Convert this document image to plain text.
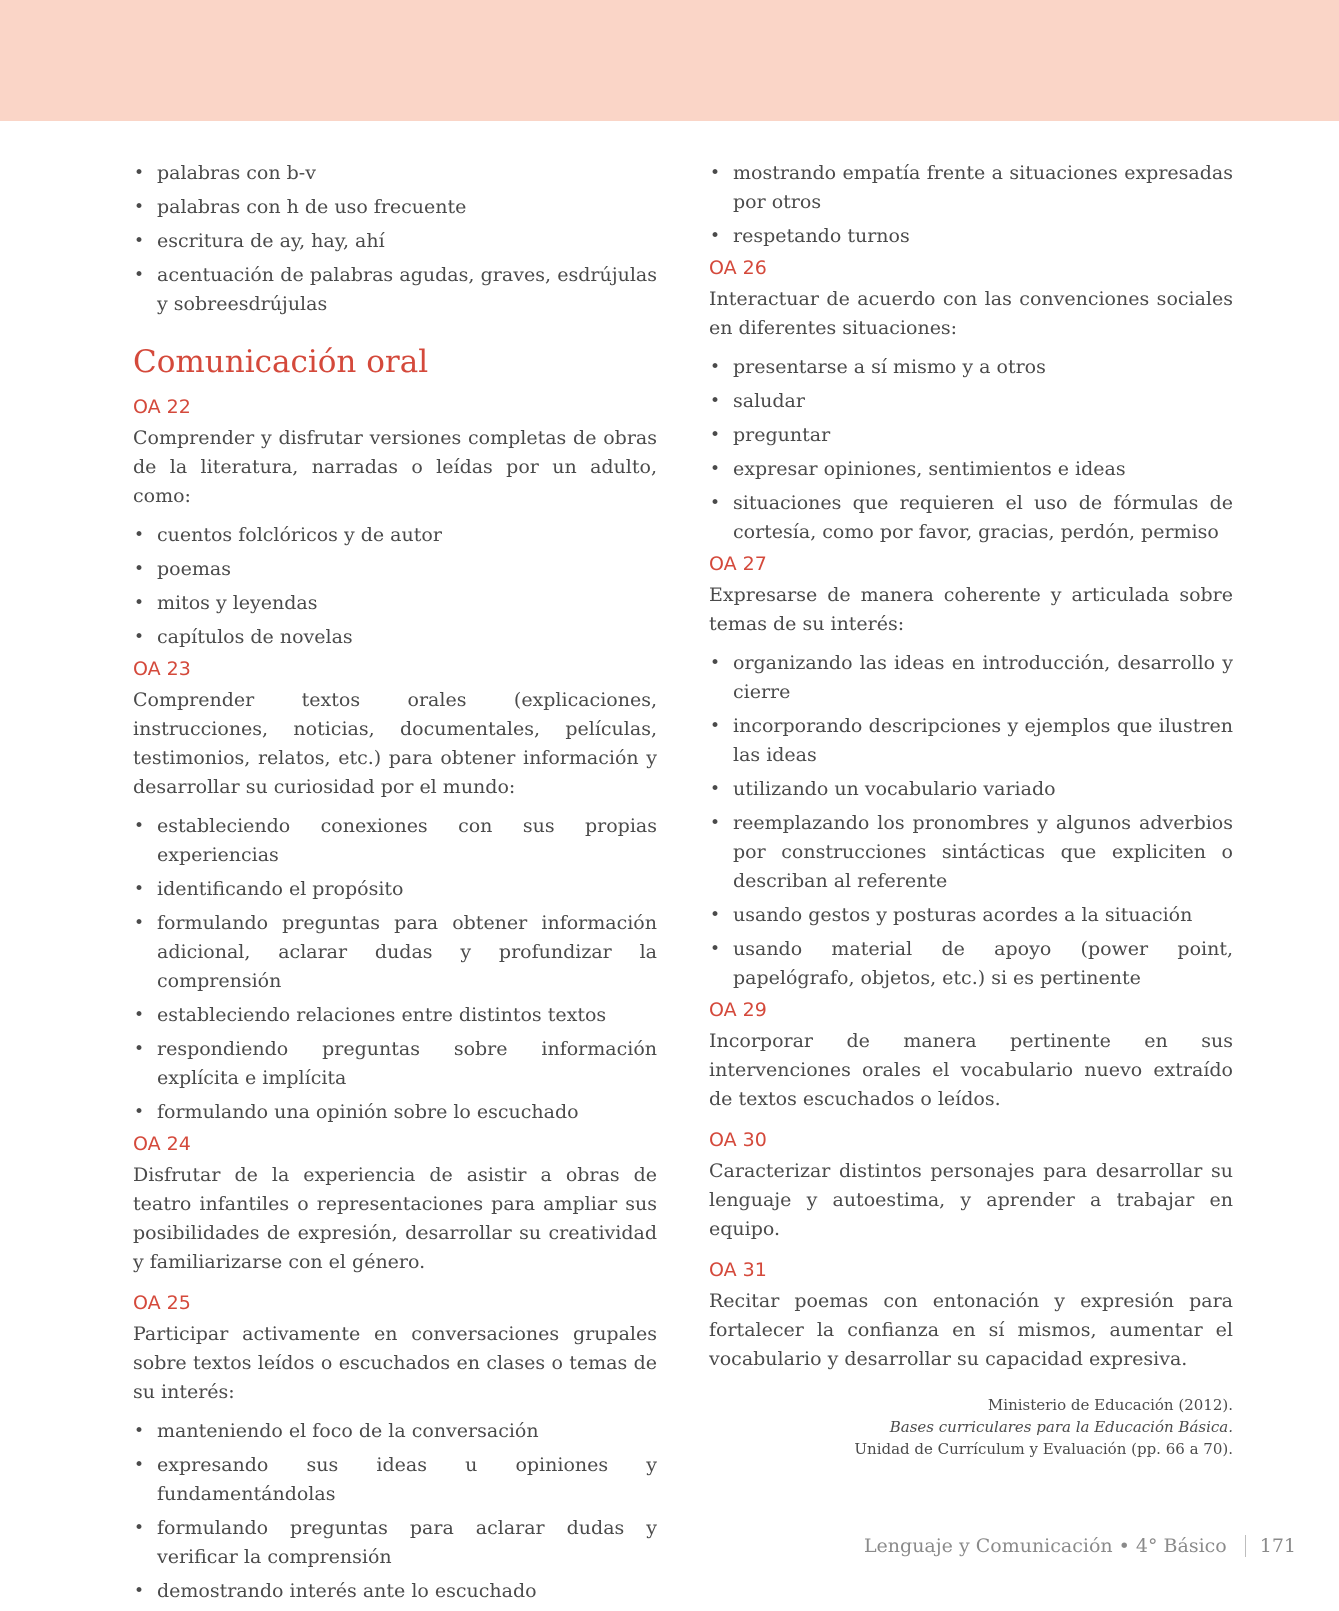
• palabras con b-v
• palabras con h de uso frecuente
• escritura de ay, hay, ahí
• acentuación de palabras agudas, graves, esdrújulas y sobreesdrújulas
Comunicación oral
OA 22

Comprender y disfrutar versiones completas de obras de la literatura, narradas o leídas por un adulto, como:

• cuentos folclóricos y de autor
• poemas
• mitos y leyendas
• capítulos de novelas
OA 23

Comprender textos orales (explicaciones, instrucciones, noticias, documentales, películas, testimonios, relatos, etc.) para obtener información y desarrollar su curiosidad por el mundo:

• estableciendo conexiones con sus propias experiencias
• identificando el propósito
• formulando preguntas para obtener información adicional, aclarar dudas y profundizar la comprensión
• estableciendo relaciones entre distintos textos
• respondiendo preguntas sobre información explícita e implícita
• formulando una opinión sobre lo escuchado
OA 24

Disfrutar de la experiencia de asistir a obras de teatro infantiles o representaciones para ampliar sus posibilidades de expresión, desarrollar su creatividad y familiarizarse con el género.

OA 25

Participar activamente en conversaciones grupales sobre textos leídos o escuchados en clases o temas de su interés:

• manteniendo el foco de la conversación
• expresando sus ideas u opiniones y fundamentándolas
• formulando preguntas para aclarar dudas y verificar la comprensión
• demostrando interés ante lo escuchado
• mostrando empatía frente a situaciones expresadas por otros
• respetando turnos
OA 26

Interactuar de acuerdo con las convenciones sociales en diferentes situaciones:

• presentarse a sí mismo y a otros
• saludar
• preguntar
• expresar opiniones, sentimientos e ideas
• situaciones que requieren el uso de fórmulas de cortesía, como por favor, gracias, perdón, permiso
OA 27

Expresarse de manera coherente y articulada sobre temas de su interés:

• organizando las ideas en introducción, desarrollo y cierre
• incorporando descripciones y ejemplos que ilustren las ideas
• utilizando un vocabulario variado
• reemplazando los pronombres y algunos adverbios por construcciones sintácticas que expliciten o describan al referente
• usando gestos y posturas acordes a la situación
• usando material de apoyo (power point, papelógrafo, objetos, etc.) si es pertinente
OA 29

Incorporar de manera pertinente en sus intervenciones orales el vocabulario nuevo extraído de textos escuchados o leídos.

OA 30

Caracterizar distintos personajes para desarrollar su lenguaje y autoestima, y aprender a trabajar en equipo.

OA 31

Recitar poemas con entonación y expresión para fortalecer la confianza en sí mismos, aumentar el vocabulario y desarrollar su capacidad expresiva.

Ministerio de Educación (2012).
Bases curriculares para la Educación Básica.
Unidad de Currículum y Evaluación (pp. 66 a 70).
Lenguaje y Comunicación • 4° Básico 171
